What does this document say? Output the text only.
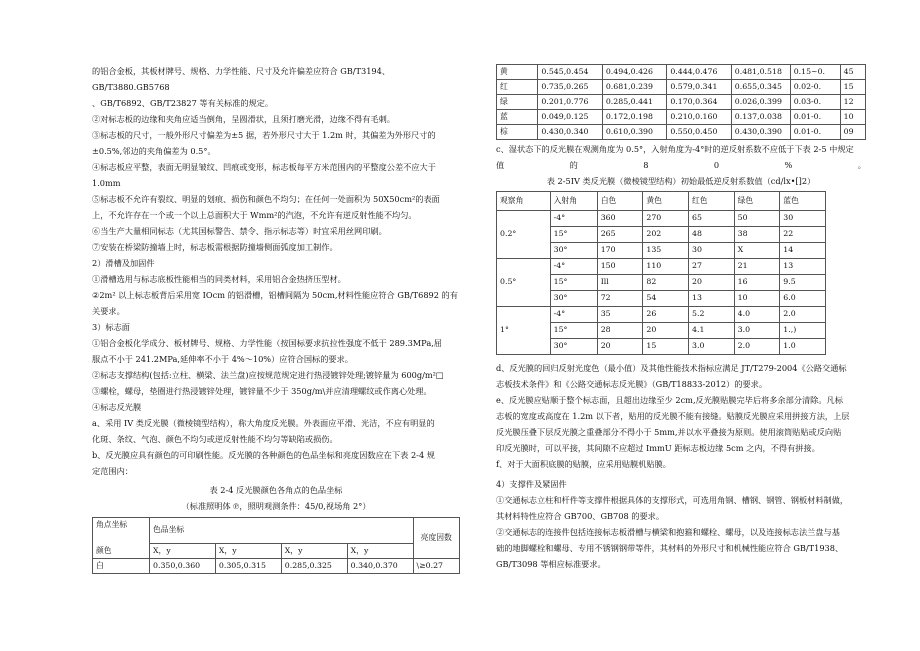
的铝合金板，其板材牌号、规格、力学性能、尺寸及允许偏差应符合 GB/T3194、GB/T3880.GB5768

、GB/T6892、GB/T23827 等有关标准的规定。

②对标志板的边缘和夹角应适当倒角，呈圆滑状，且须打磨光滑，边缘不得有毛刺。

③标志板的尺寸，一般外形尺寸偏差为±5 据，若外形尺寸大于 1.2m 时，其偏差为外形尺寸的

±0.5%,邻边的夹角偏差为 0.5°。

④标志板应平整，表面无明显皱纹、凹痕或变形，标志板每平方米范围内的平整度公差不应大于

1.0mm

⑤标志板不允许有裂纹、明显的划痕、损伤和颜色不均匀；在任何一处面积为 50X50cm²的表面

上，不允许存在一个或一个以上总面积大于 Wmm²的汽泡，不允许有逆反射性能不均匀。

⑥当生产大量相同标志（尤其国标警告、禁令、指示标志等）时宜采用丝网印刷。

⑦安装在桥梁防撞墙上时，标志板需根据防撞墙侧面弧度加工制作。

2）滑槽及加固件

①滑槽选用与标志底板性能相当的同类材料，采用铝合金热挤压型材。

②2m² 以上标志板背后采用宽 IOcm 的铝滑槽，铝槽间隔为 50cm,材料性能应符合 GB/T6892 的有

关要求。

3）标志面

①铝合金板化学成分、板材牌号、规格、力学性能（按国标要求抗拉性强度不低于 289.3MPa,屈

服点不小于 241.2MPa,延伸率不小于 4%～10%）应符合国标的要求。

②标志支撑结构(包括:立柱、横梁、法兰盘)应按规范规定进行热浸镀锌处理;镀锌量为 600g/m²□

③螺栓，螺母，垫圈进行热浸镀锌处理，镀锌量不少于 350g/m\并应清理螺纹或作离心处理。

④标志反光膜

a、采用 IV 类反光膜（微棱镜型结构），称大角度反光膜。外表面应平滑、光洁，不应有明显的

化斑、条纹、气泡、颜色不均匀或逆反射性能不均匀等缺陷或损伤。

b、反光膜应具有颜色的可印刷性能。反光膜的各种颜色的色品坐标和亮度因数应在下表 2-4 规

定范围内：

表 2-4 反光膜颜色各角点的色品坐标

（标准照明体 ℗，照明观测条件：45/0,视场角 2°）

角点坐标

颜色	色品坐标				亮度因数
	X，y	X，y	X，y	X，y	
白	0.350,0.360	0.305,0.315	0.285,0.325	0.340,0.370	\≥0.27
黄	0.545,0.454	0.494,0.426	0.444,0.476	0.481,0.518	0.15~0.	45
红	0.735,0.265	0.681,0.239	0.579,0.341	0.655,0.345	0.02-0.	15
绿	0.201,0.776	0.285,0.441	0.170,0.364	0.026,0.399	0.03-0.	12
蓝	0.049,0.125	0.172,0.198	0.210,0.160	0.137,0.038	0.01-0.	10
棕	0.430,0.340	0.610,0.390	0.550,0.450	0.430,0.390	0.01-0.	09

c、湿状态下的反光膜在观测角度为 0.5°，入射角度为-4°时的逆反射系数不应低于下表 2-5 中规定

值	的	8	0	%	。

表 2-5IV 类反光膜（微棱镜型结构）初始最低逆反射系数值（cd/lx•[]2）

观察角	入射角	白色	黄色	红色	绿色	蓝色
0.2°	-4°	360	270	65	50	30
	15°	265	202	48	38	22
	30°	170	135	30	X	14
0.5°	-4°	150	110	27	21	13
	15°	Ill	82	20	16	9.5
	30°	72	54	13	10	6.0
1°	-4°	35	26	5.2	4.0	2.0
	15°	28	20	4.1	3.0	1.,)
	30°	20	15	3.0	2.0	1.0

d、反光膜的回归反射光度色（最小值）及其他性能技术指标应满足 JT/T279-2004《公路交通标

志板技术条件》和《公路交通标志反光膜》（GB/T18833-2012）的要求。

e、反光膜应贴顺于整个标志面，且超出边缘至少 2cm,反光膜贴膜完毕后将多余部分清除。凡标

志板的宽度或高度在 1.2m 以下者，贴用的反光膜不能有接缝。贴膜反光膜应采用拼接方法，上层

反光膜压叠下层反光膜之重叠部分不得小于 5mm,并以水平叠接为原则。使用滚筒贴贴或反向贴

印反光膜时，可以平接，其间隙不应超过 ImmU 距标志板边缘 5cm 之内，不得有拼接。

f、对于大面积底膜的贴膜，应采用贴膜机贴膜。

4）支撑件及紧固件

①交通标志立柱和杆件等支撑件根据具体的支撑形式，可选用角钢、槽钢、钢管、钢板材料制做，

其材料特性应符合 GB700、GB708 的要求。

②交通标志的连接件包括连接标志板滑槽与横梁和抱箍和螺栓、螺母，以及连接标志法兰盘与基

础的地脚螺栓和螺母、专用不锈钢钢带等件，其材料的外形尺寸和机械性能应符合 GB/T1938、

GB/T3098 等相应标准要求。
